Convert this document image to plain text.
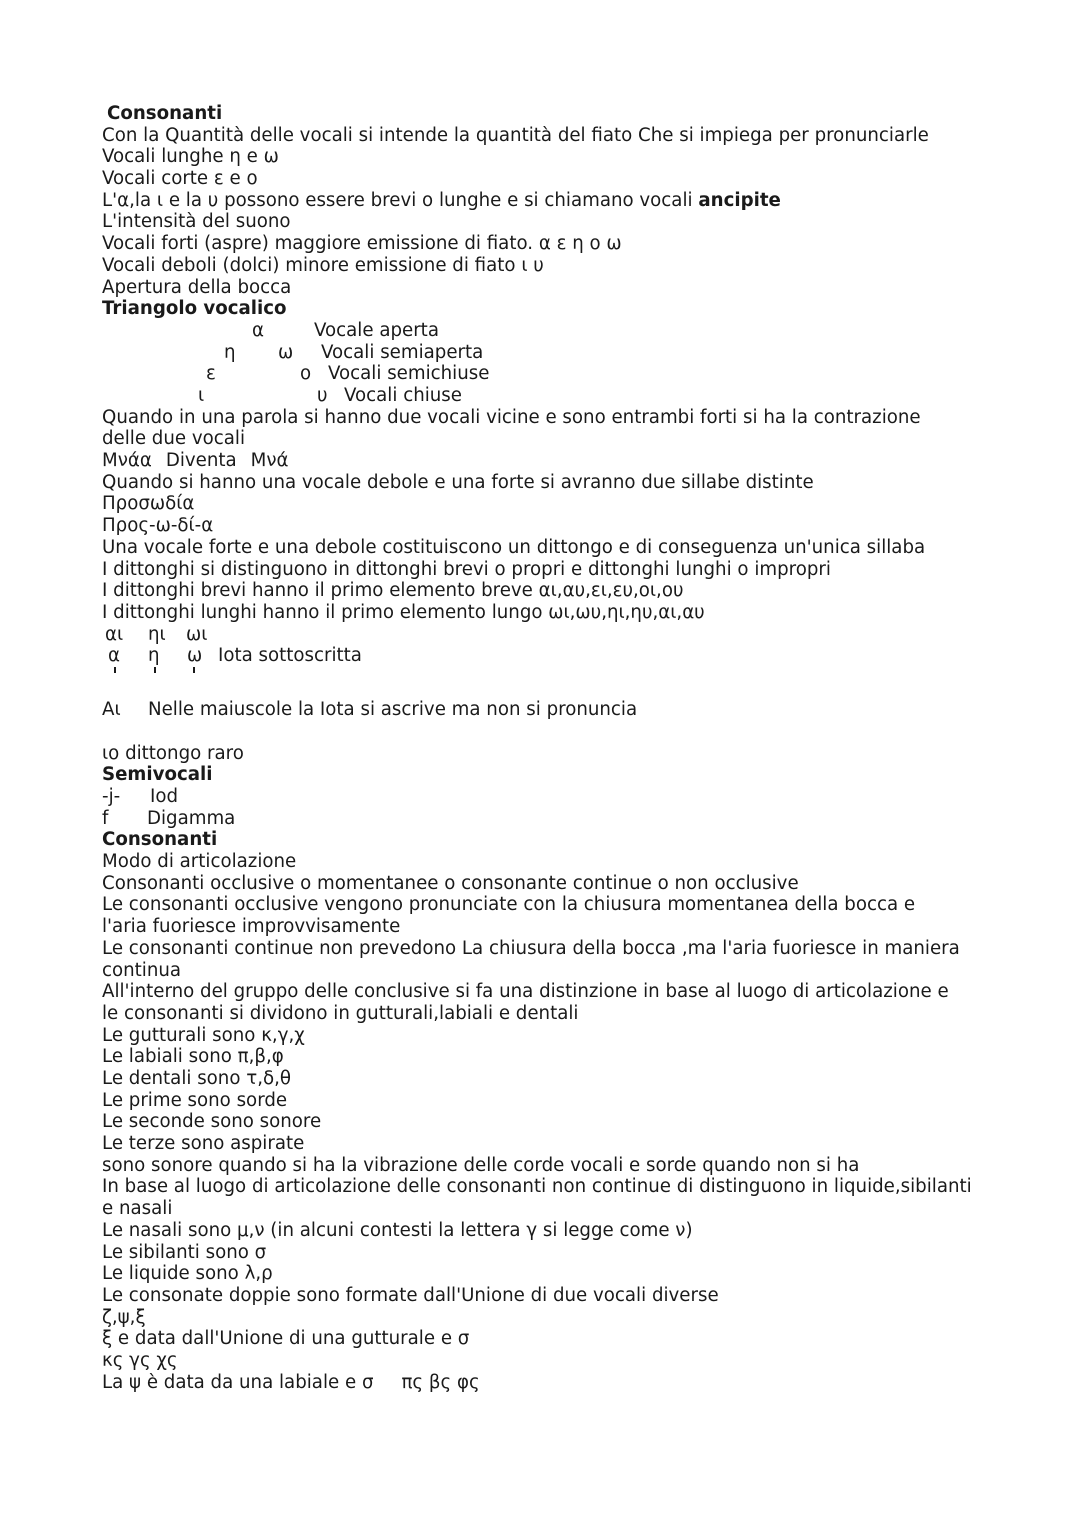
Consonanti
Con la Quantità delle vocali si intende la quantità del fiato Che si impiega per pronunciarle
Vocali lunghe η e ω
Vocali corte ε e ο
L'α,la ι e la υ possono essere brevi o lunghe e si chiamano vocali ancipite
L'intensità del suono
Vocali forti (aspre) maggiore emissione di fiato. α ε η ο ω
Vocali deboli (dolci) minore emissione di fiato ι υ
Apertura della bocca
Triangolo vocalico
α	Vocale aperta
η ω Vocali semiaperta
ε	ο Vocali semichiuse
ι	υ Vocali chiuse
Quando in una parola si hanno due vocali vicine e sono entrambi forti si ha la contrazione delle due vocali
Μνάα Diventa Μνά
Quando si hanno una vocale debole e una forte si avranno due sillabe distinte
Προσωδία
Προς-ω-δί-α
Una vocale forte e una debole costituiscono un dittongo e di conseguenza un'unica sillaba
I dittonghi si distinguono in dittonghi brevi o propri e dittonghi lunghi o impropri
I dittonghi brevi hanno il primo elemento breve αι,αυ,ει,ευ,οι,ου
I dittonghi lunghi hanno il primo elemento lungo ωι,ωυ,ηι,ηυ,αι,αυ
αι ηι ωι
α η ω Iota sottoscritta
Aι Nelle maiuscole la Iota si ascrive ma non si pronuncia
ιο dittongo raro
Semivocali
-j- Iod
f Digamma
Consonanti
Modo di articolazione
Consonanti occlusive o momentanee o consonante continue o non occlusive
Le consonanti occlusive vengono pronunciate con la chiusura momentanea della bocca e l'aria fuoriesce improvvisamente
Le consonanti continue non prevedono La chiusura della bocca ,ma l'aria fuoriesce in maniera continua
All'interno del gruppo delle conclusive si fa una distinzione in base al luogo di articolazione e le consonanti si dividono in gutturali,labiali e dentali
Le gutturali sono κ,γ,χ
Le labiali sono π,β,φ
Le dentali sono τ,δ,θ
Le prime sono sorde
Le seconde sono sonore
Le terze sono aspirate
sono sonore quando si ha la vibrazione delle corde vocali e sorde quando non si ha
In base al luogo di articolazione delle consonanti non continue di distinguono in liquide,sibilanti e nasali
Le nasali sono μ,ν (in alcuni contesti la lettera γ si legge come ν)
Le sibilanti sono σ
Le liquide sono λ,ρ
Le consonate doppie sono formate dall'Unione di due vocali diverse
ζ,ψ,ξ
ξ e data dall'Unione di una gutturale e σ
κς γς χς
La ψ è data da una labiale e σ πς βς φς
